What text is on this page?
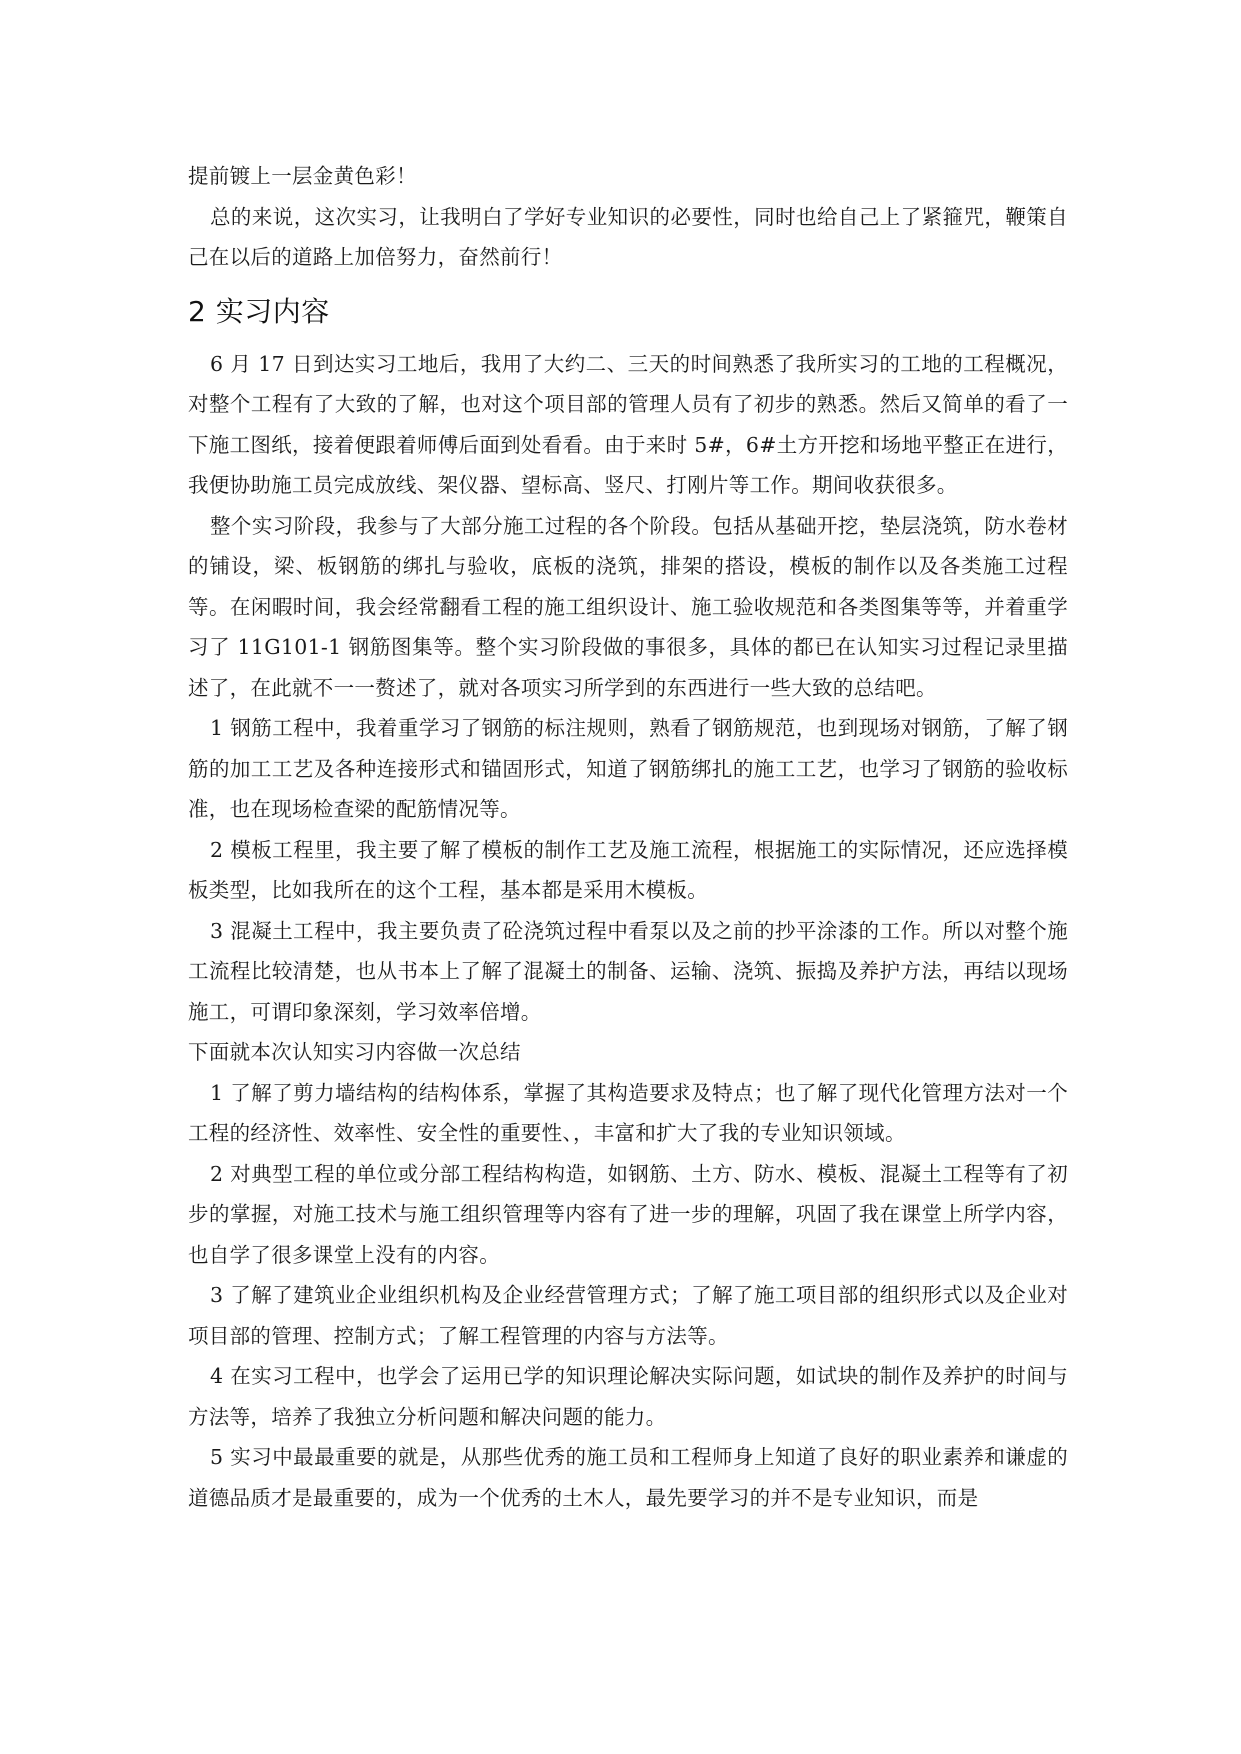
提前镀上一层金黄色彩！

总的来说，这次实习，让我明白了学好专业知识的必要性，同时也给自己上了紧箍咒，鞭策自己在以后的道路上加倍努力，奋然前行！

2 实习内容

6 月 17 日到达实习工地后，我用了大约二、三天的时间熟悉了我所实习的工地的工程概况，对整个工程有了大致的了解，也对这个项目部的管理人员有了初步的熟悉。然后又简单的看了一下施工图纸，接着便跟着师傅后面到处看看。由于来时 5#，6#土方开挖和场地平整正在进行，我便协助施工员完成放线、架仪器、望标高、竖尺、打刚片等工作。期间收获很多。

整个实习阶段，我参与了大部分施工过程的各个阶段。包括从基础开挖，垫层浇筑，防水卷材的铺设，梁、板钢筋的绑扎与验收，底板的浇筑，排架的搭设，模板的制作以及各类施工过程等。在闲暇时间，我会经常翻看工程的施工组织设计、施工验收规范和各类图集等等，并着重学习了 11G101-1 钢筋图集等。整个实习阶段做的事很多，具体的都已在认知实习过程记录里描述了，在此就不一一赘述了，就对各项实习所学到的东西进行一些大致的总结吧。

1 钢筋工程中，我着重学习了钢筋的标注规则，熟看了钢筋规范，也到现场对钢筋，了解了钢筋的加工工艺及各种连接形式和锚固形式，知道了钢筋绑扎的施工工艺，也学习了钢筋的验收标准，也在现场检查梁的配筋情况等。

2 模板工程里，我主要了解了模板的制作工艺及施工流程，根据施工的实际情况，还应选择模板类型，比如我所在的这个工程，基本都是采用木模板。

3 混凝土工程中，我主要负责了砼浇筑过程中看泵以及之前的抄平涂漆的工作。所以对整个施工流程比较清楚，也从书本上了解了混凝土的制备、运输、浇筑、振捣及养护方法，再结以现场施工，可谓印象深刻，学习效率倍增。

下面就本次认知实习内容做一次总结

1 了解了剪力墙结构的结构体系，掌握了其构造要求及特点；也了解了现代化管理方法对一个工程的经济性、效率性、安全性的重要性、，丰富和扩大了我的专业知识领域。

2 对典型工程的单位或分部工程结构构造，如钢筋、土方、防水、模板、混凝土工程等有了初步的掌握，对施工技术与施工组织管理等内容有了进一步的理解，巩固了我在课堂上所学内容，也自学了很多课堂上没有的内容。

3 了解了建筑业企业组织机构及企业经营管理方式；了解了施工项目部的组织形式以及企业对项目部的管理、控制方式；了解工程管理的内容与方法等。

4 在实习工程中，也学会了运用已学的知识理论解决实际问题，如试块的制作及养护的时间与方法等，培养了我独立分析问题和解决问题的能力。

5 实习中最最重要的就是，从那些优秀的施工员和工程师身上知道了良好的职业素养和谦虚的道德品质才是最重要的，成为一个优秀的土木人，最先要学习的并不是专业知识，而是
